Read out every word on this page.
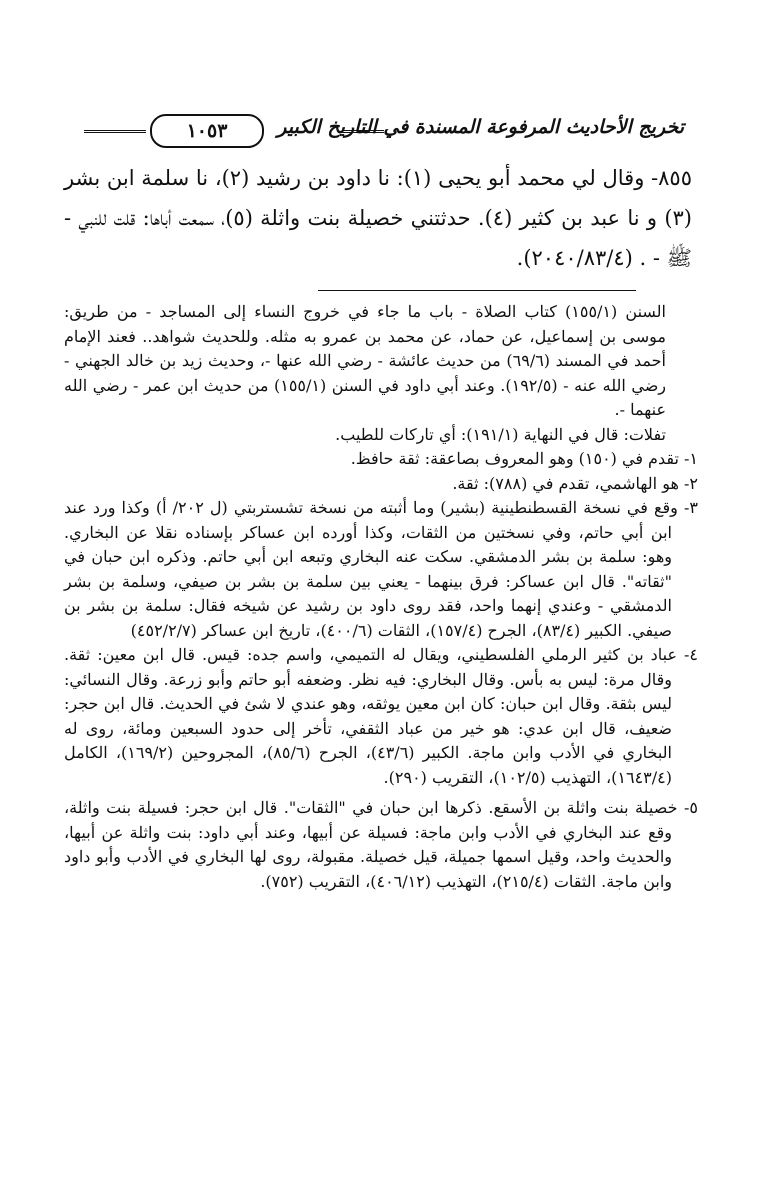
تخريج الأحاديث المرفوعة المسندة في التاريخ الكبير
١٠٥٣

٨٥٥- وقال لي محمد أبو يحيى (١): نا داود بن رشيد (٢)، نا سلمة ابن بشر (٣) و نا عبد بن كثير (٤). حدثتني خصيلة بنت واثلة (٥)، سمعت أباها: قلت للنبي - ﷺ - . (٢٠٤٠/٨٣/٤).

السنن (١٥٥/١) كتاب الصلاة - باب ما جاء في خروج النساء إلى المساجد - من طريق: موسى بن إسماعيل، عن حماد، عن محمد بن عمرو به مثله. وللحديث شواهد.. فعند الإمام أحمد في المسند (٦٩/٦) من حديث عائشة - رضي الله عنها -، وحديث زيد بن خالد الجهني - رضي الله عنه - (١٩٢/٥). وعند أبي داود في السنن (١٥٥/١) من حديث ابن عمر - رضي الله عنهما -.

تفلات: قال في النهاية (١٩١/١): أي تاركات للطيب.

١- تقدم في (١٥٠) وهو المعروف بصاعقة: ثقة حافظ.

٢- هو الهاشمي، تقدم في (٧٨٨): ثقة.

٣- وقع في نسخة القسطنطينية (بشير) وما أثبته من نسخة تشستربتي (ل ٢٠٢/ أ) وكذا ورد عند ابن أبي حاتم، وفي نسختين من الثقات، وكذا أورده ابن عساكر بإسناده نقلا عن البخاري. وهو: سلمة بن بشر الدمشقي. سكت عنه البخاري وتبعه ابن أبي حاتم. وذكره ابن حبان في "ثقاته". قال ابن عساكر: فرق بينهما - يعني بين سلمة بن بشر بن صيفي، وسلمة بن بشر الدمشقي - وعندي إنهما واحد، فقد روى داود بن رشيد عن شيخه فقال: سلمة بن بشر بن صيفي. الكبير (٨٣/٤)، الجرح (١٥٧/٤)، الثقات (٤٠٠/٦)، تاريخ ابن عساكر (٤٥٢/٢/٧)

٤- عباد بن كثير الرملي الفلسطيني، ويقال له التميمي، واسم جده: قيس. قال ابن معين: ثقة. وقال مرة: ليس به بأس. وقال البخاري: فيه نظر. وضعفه أبو حاتم وأبو زرعة. وقال النسائي: ليس بثقة. وقال ابن حبان: كان ابن معين يوثقه، وهو عندي لا شئ في الحديث. قال ابن حجر: ضعيف، قال ابن عدي: هو خير من عباد الثقفي، تأخر إلى حدود السبعين ومائة، روى له البخاري في الأدب وابن ماجة. الكبير (٤٣/٦)، الجرح (٨٥/٦)، المجروحين (١٦٩/٢)، الكامل (١٦٤٣/٤)، التهذيب (١٠٢/٥)، التقريب (٢٩٠).

٥- خصيلة بنت واثلة بن الأسقع. ذكرها ابن حبان في "الثقات". قال ابن حجر: فسيلة بنت واثلة، وقع عند البخاري في الأدب وابن ماجة: فسيلة عن أبيها، وعند أبي داود: بنت واثلة عن أبيها، والحديث واحد، وقيل اسمها جميلة، قيل خصيلة. مقبولة، روى لها البخاري في الأدب وأبو داود وابن ماجة. الثقات (٢١٥/٤)، التهذيب (٤٠٦/١٢)، التقريب (٧٥٢).
